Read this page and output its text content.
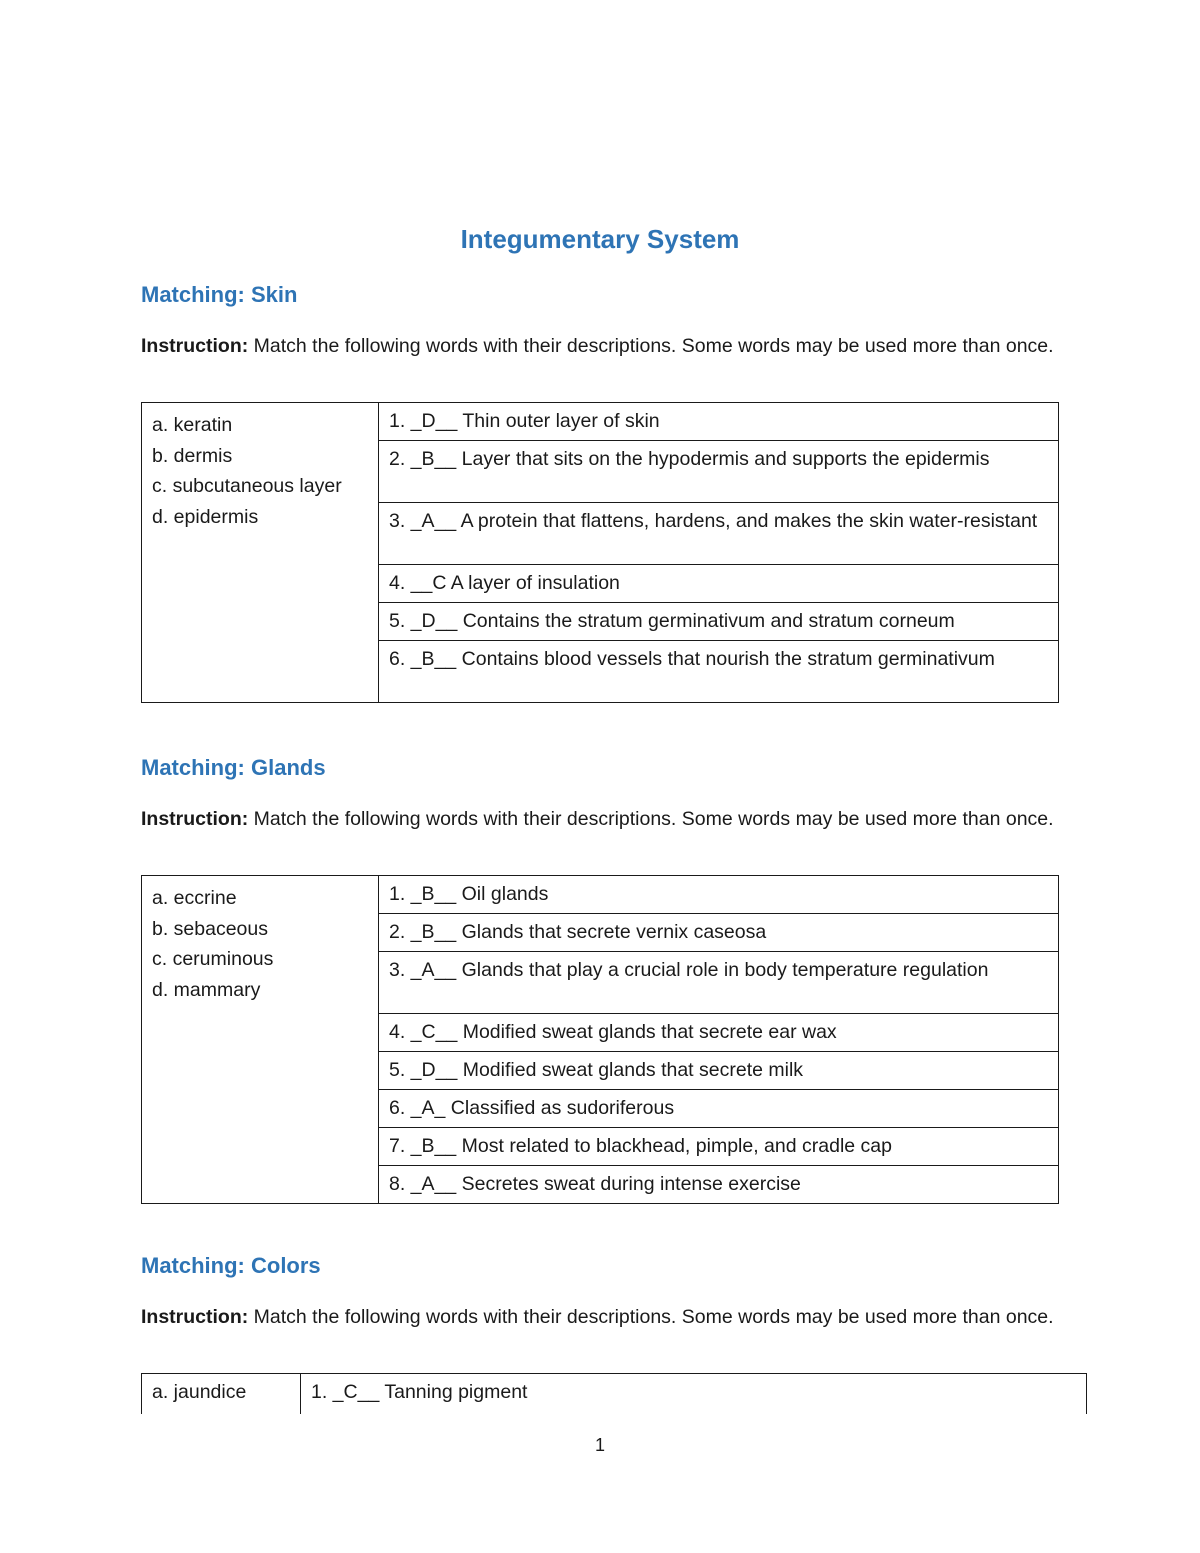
Integumentary System
Matching: Skin

Instruction: Match the following words with their descriptions. Some words may be used more than once.

a. keratin
b. dermis
c. subcutaneous layer
d. epidermis
	1. _D__ Thin outer layer of skin
2. _B__ Layer that sits on the hypodermis and supports the epidermis
3. _A__ A protein that flattens, hardens, and makes the skin water-resistant
4. __C A layer of insulation
5. _D__ Contains the stratum germinativum and stratum corneum
6. _B__ Contains blood vessels that nourish the stratum germinativum
Matching: Glands

Instruction: Match the following words with their descriptions. Some words may be used more than once.

a. eccrine
b. sebaceous
c. ceruminous
d. mammary
	1. _B__ Oil glands
2. _B__ Glands that secrete vernix caseosa
3. _A__ Glands that play a crucial role in body temperature regulation
4. _C__ Modified sweat glands that secrete ear wax
5. _D__ Modified sweat glands that secrete milk
6. _A_ Classified as sudoriferous
7. _B__ Most related to blackhead, pimple, and cradle cap
8. _A__ Secretes sweat during intense exercise
Matching: Colors

Instruction: Match the following words with their descriptions. Some words may be used more than once.

a. jaundice	1. _C__ Tanning pigment

1
